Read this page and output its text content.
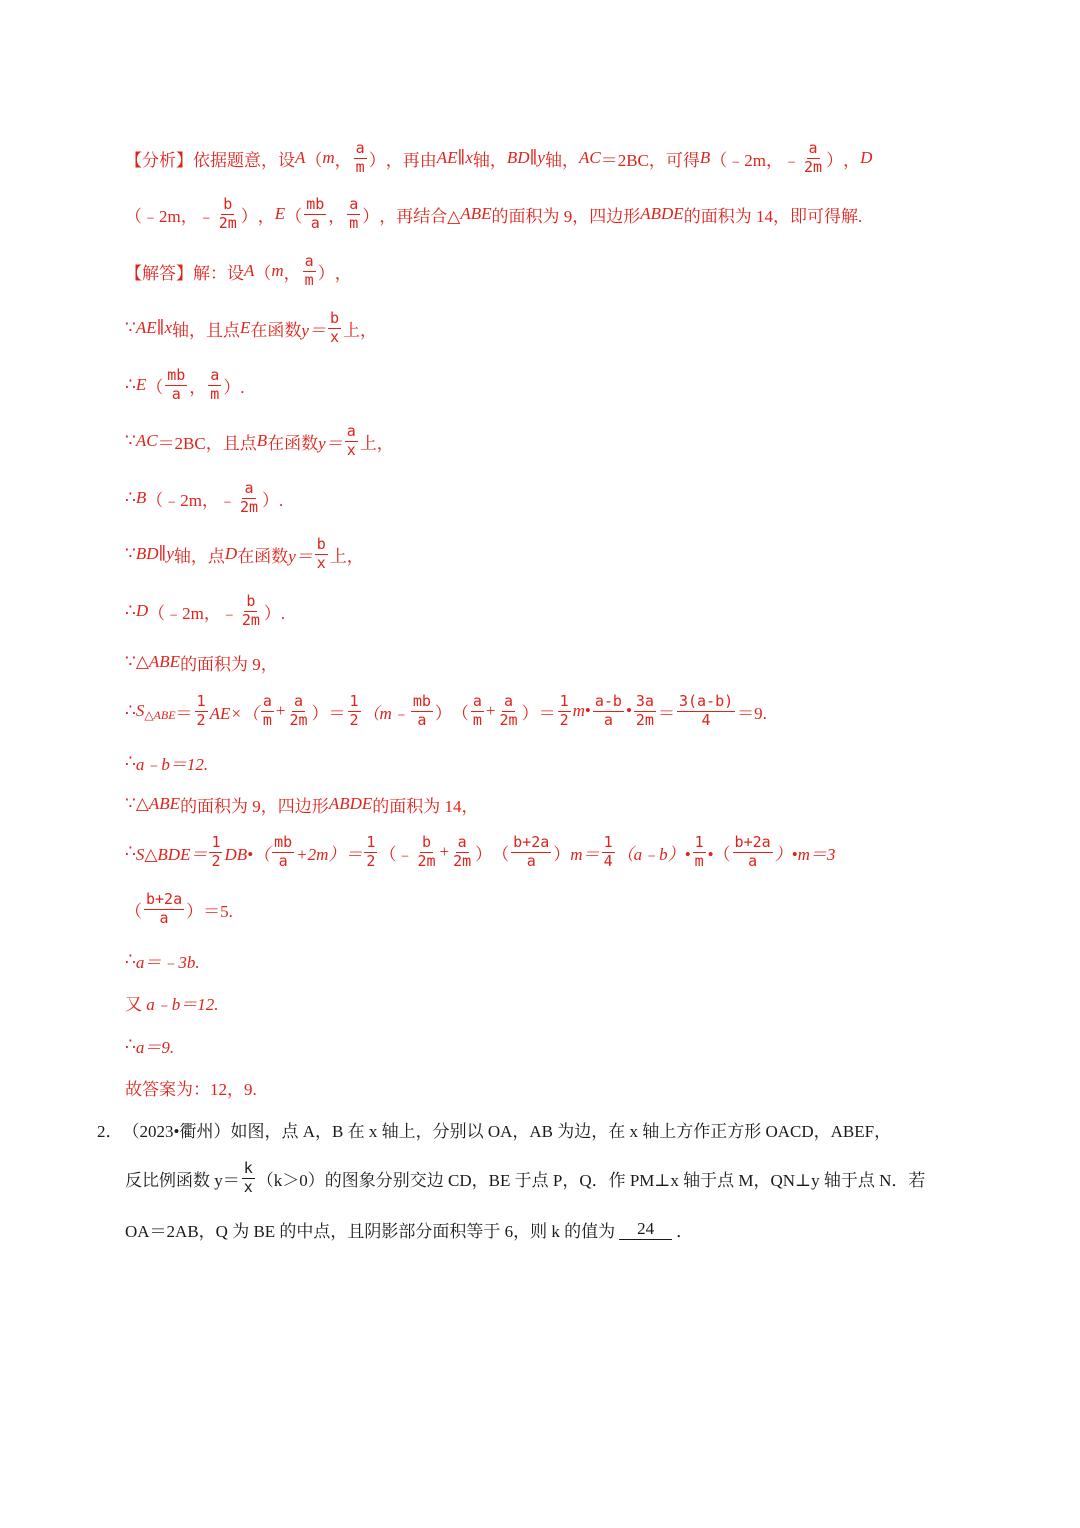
【分析】 依据题意，设 A （ m ， $\frac{a}{m}$ ） ，再由 AE ∥ x 轴， BD ∥ y 轴， AC ＝2BC ，可得 B （﹣2m， ﹣ $\frac{a}{2m}$ ） ， D
（﹣2m， ﹣ $\frac{b}{2m}$ ） ， E （ $\frac{mb}{a}$ ， $\frac{a}{m}$ ） ，再结合△ ABE 的面积为 9，四边形 ABDE 的面积为 14，即可得解.
【解答】 解：设 A （ m ， $\frac{a}{m}$ ） ，
∵ AE ∥ x 轴，且点 E 在函数 $y= \frac{b}{x}$ 上，
∴ E （ $\frac{mb}{a}$ ， $\frac{a}{m}$ ）.
∵ AC ＝2BC，且点 B 在函数 $y= \frac{a}{x}$ 上，
∴ B （﹣2m， ﹣ $\frac{a}{2m}$ ）.
∵ BD ∥ y 轴，点 D 在函数 $y= \frac{b}{x}$ 上，
∴ D （﹣2m， ﹣ $\frac{b}{2m}$ ）.
∵ △ ABE 的面积为 9，
∴ S △ABE ＝ $\frac{1}{2} AE\times( \frac{a}{m} + \frac{a}{2m}$ ） ＝ $\frac{1}{2}$ （m﹣ $\frac{mb}{a}$ ） （ $\frac{a}{m} + \frac{a}{2m}$ ） ＝ $\frac{1}{2}$ m • $\frac{a-b}{a}$ • $\frac{3a}{2m} = \frac{3(a-b)}{4} =9$.
∴ a﹣b＝12.
∵ △ ABE 的面积为 9，四边形 ABDE 的面积为 14，
∴ S△BDE＝ $\frac{1}{2}$ DB•（ $\frac{mb}{a} +2m)= \frac{1}{2}$ （﹣ $\frac{b}{2m} + \frac{a}{2m}$ ） （ $\frac{b+2a}{a}$ ） $m= \frac{1}{4}$ （a﹣b）• $\frac{1}{m}$ •（ $\frac{b+2a}{a}$ ）•m＝3
（ $\frac{b+2a}{a} )=5$.
∴ a＝﹣3b.
又
a﹣b＝12.
∴ a＝9.
故答案为：12，9.
2． （2023•衢州）如图，点 A，B 在 x 轴上，分别以 OA，AB 为边，在 x 轴上方作正方形 OACD，ABEF，
反比例函数 $y= \frac{k}{x} (k>0)$的图象分别交边 CD，BE 于点 P，Q．作 PM⊥x 轴于点 M，QN⊥y 轴于点 N．若
OA＝2AB，Q 为 BE 的中点，且阴影部分面积等于 6，则 k 的值为	24	．
